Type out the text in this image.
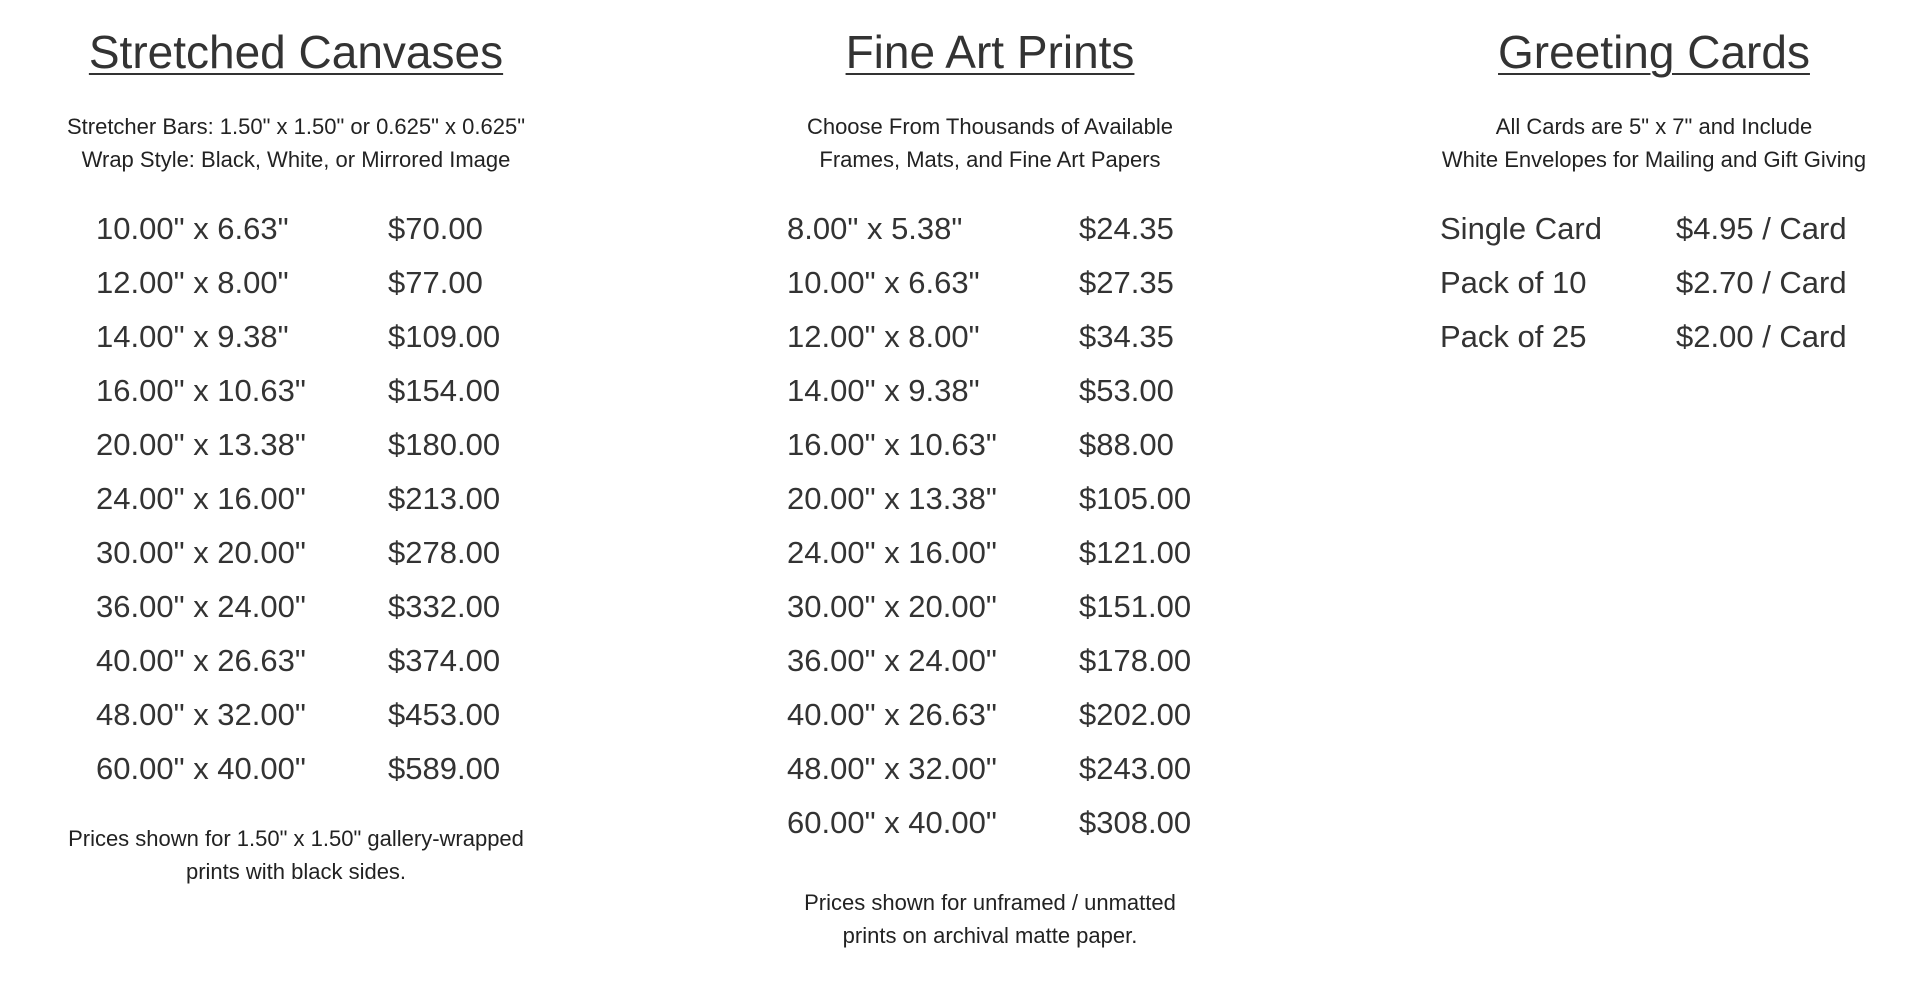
Stretched Canvases
Stretcher Bars: 1.50" x 1.50" or 0.625" x 0.625"
Wrap Style: Black, White, or Mirrored Image
10.00" x 6.63"	$70.00
12.00" x 8.00"	$77.00
14.00" x 9.38"	$109.00
16.00" x 10.63"	$154.00
20.00" x 13.38"	$180.00
24.00" x 16.00"	$213.00
30.00" x 20.00"	$278.00
36.00" x 24.00"	$332.00
40.00" x 26.63"	$374.00
48.00" x 32.00"	$453.00
60.00" x 40.00"	$589.00
Prices shown for 1.50" x 1.50" gallery-wrapped
prints with black sides.
Fine Art Prints
Choose From Thousands of Available
Frames, Mats, and Fine Art Papers
8.00" x 5.38"	$24.35
10.00" x 6.63"	$27.35
12.00" x 8.00"	$34.35
14.00" x 9.38"	$53.00
16.00" x 10.63"	$88.00
20.00" x 13.38"	$105.00
24.00" x 16.00"	$121.00
30.00" x 20.00"	$151.00
36.00" x 24.00"	$178.00
40.00" x 26.63"	$202.00
48.00" x 32.00"	$243.00
60.00" x 40.00"	$308.00
Prices shown for unframed / unmatted
prints on archival matte paper.
Greeting Cards
All Cards are 5" x 7" and Include
White Envelopes for Mailing and Gift Giving
Single Card	$4.95 / Card
Pack of 10	$2.70 / Card
Pack of 25	$2.00 / Card
